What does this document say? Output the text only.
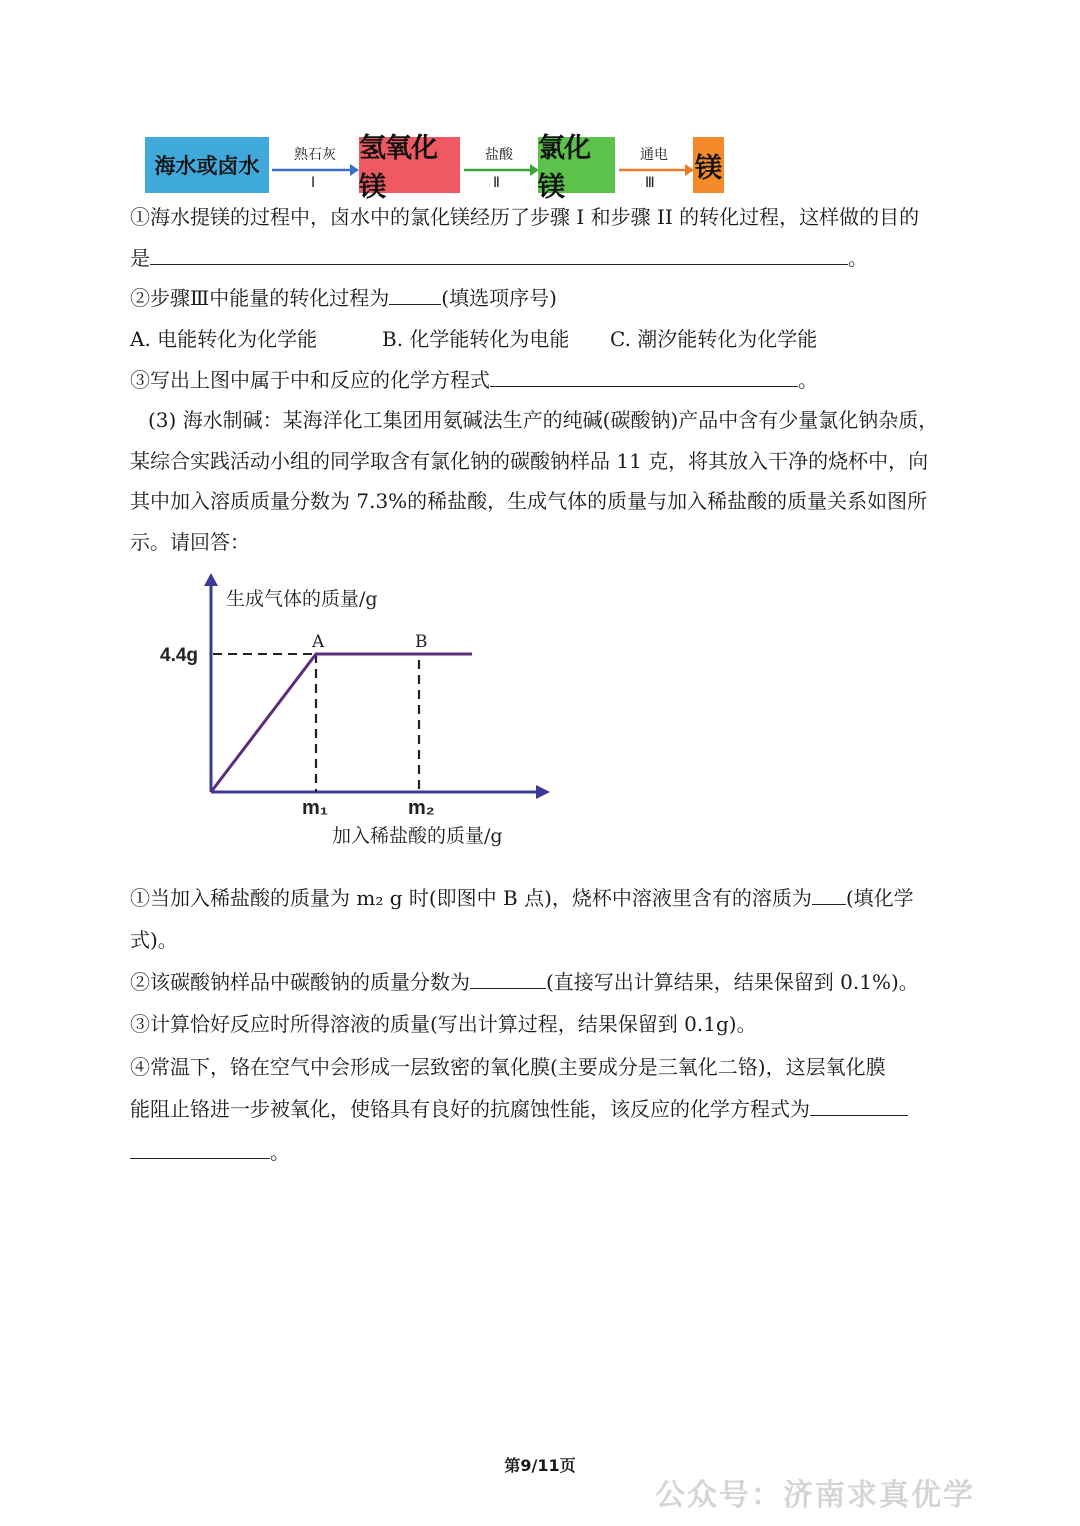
海水或卤水	熟石灰
Ⅰ
氢氧化镁
盐酸
Ⅱ
氯化镁
通电
Ⅲ 镁
①海水提镁的过程中，卤水中的氯化镁经历了步骤 I 和步骤 II 的转化过程，这样做的目的
是	。
②步骤Ⅲ中能量的转化过程为	(填选项序号)
A. 电能转化为化学能	B. 化学能转化为电能 C. 潮汐能转化为化学能
③写出上图中属于中和反应的化学方程式	。
(3) 海水制碱：某海洋化工集团用氨碱法生产的纯碱(碳酸钠)产品中含有少量氯化钠杂质，
某综合实践活动小组的同学取含有氯化钠的碳酸钠样品 11 克，将其放入干净的烧杯中，向
其中加入溶质质量分数为 7.3%的稀盐酸，生成气体的质量与加入稀盐酸的质量关系如图所
示。请回答：
生成气体的质量/g
4.4g
A	B
m₁	m₂
加入稀盐酸的质量/g
①当加入稀盐酸的质量为 m₂ g 时(即图中 B 点)，烧杯中溶液里含有的溶质为 (填化学
式)。
②该碳酸钠样品中碳酸钠的质量分数为	(直接写出计算结果，结果保留到 0.1%)。
③计算恰好反应时所得溶液的质量(写出计算过程，结果保留到 0.1g)。
④常温下，铬在空气中会形成一层致密的氧化膜(主要成分是三氧化二铬)，这层氧化膜
能阻止铬进一步被氧化，使铬具有良好的抗腐蚀性能，该反应的化学方程式为
。
第9/11页
公众号：济南求真优学
